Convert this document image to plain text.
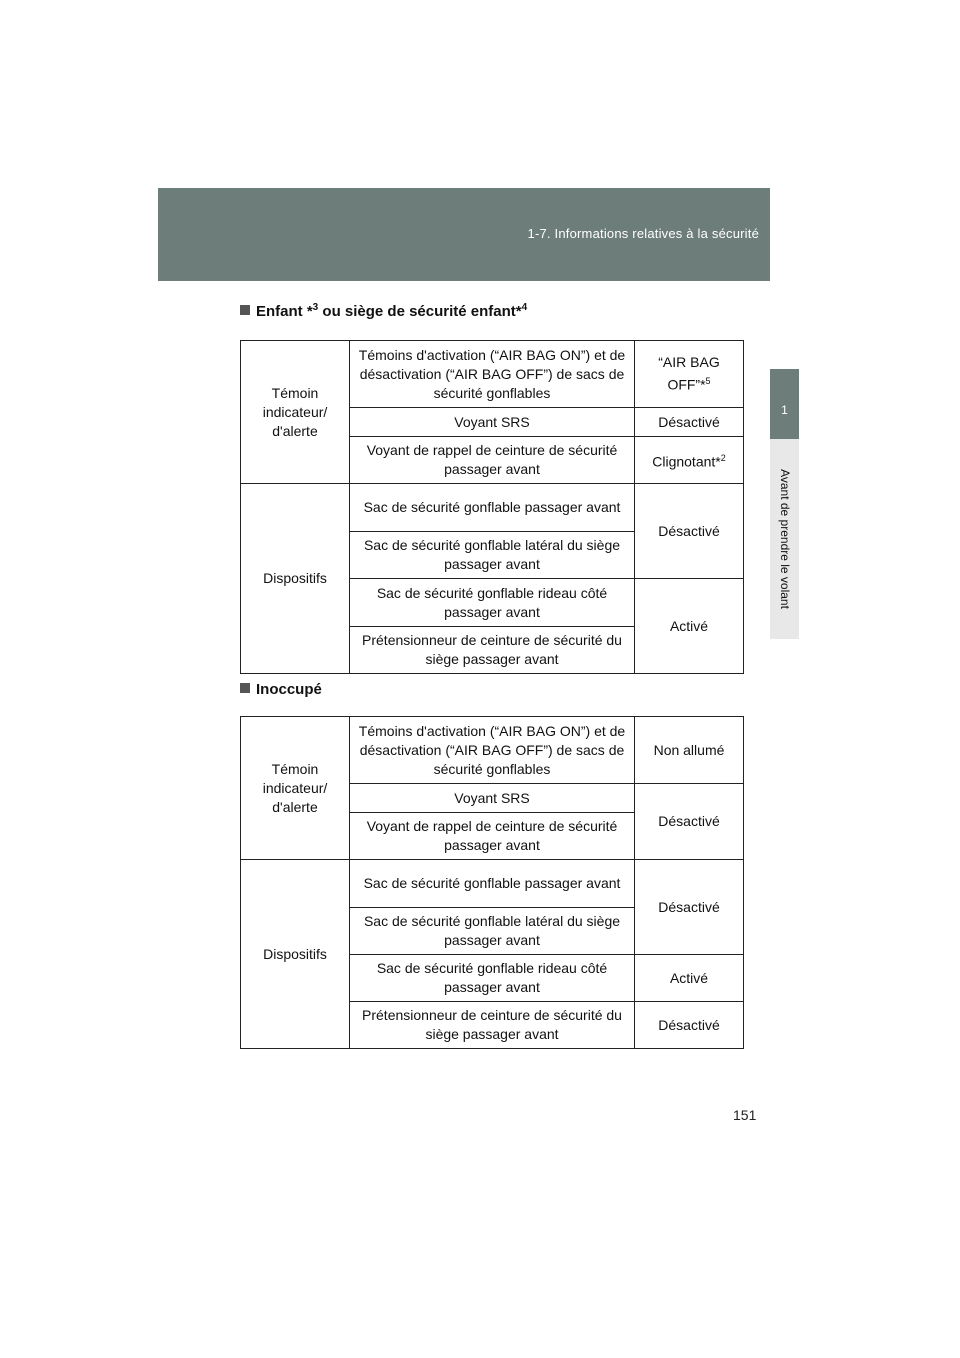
1-7. Informations relatives à la sécurité
1
Avant de prendre le volant
Enfant *$^3$ ou siège de sécurité enfant*$^4$
Témoin indicateur/ d'alerte	Témoins d'activation (“AIR BAG ON”) et de désactivation (“AIR BAG OFF”) de sacs de sécurité gonflables	“AIR BAG OFF”*$^5$
	Voyant SRS	Désactivé
	Voyant de rappel de ceinture de sécurité passager avant	Clignotant*$^2$
Dispositifs	Sac de sécurité gonflable passager avant	Désactivé
	Sac de sécurité gonflable latéral du siège passager avant	
	Sac de sécurité gonflable rideau côté passager avant	Activé
	Prétensionneur de ceinture de sécurité du siège passager avant	
Inoccupé
Témoin indicateur/ d'alerte	Témoins d'activation (“AIR BAG ON”) et de désactivation (“AIR BAG OFF”) de sacs de sécurité gonflables	Non allumé
	Voyant SRS	Désactivé
	Voyant de rappel de ceinture de sécurité passager avant	
Dispositifs	Sac de sécurité gonflable passager avant	Désactivé
	Sac de sécurité gonflable latéral du siège passager avant	
	Sac de sécurité gonflable rideau côté passager avant	Activé
	Prétensionneur de ceinture de sécurité du siège passager avant	Désactivé
151
